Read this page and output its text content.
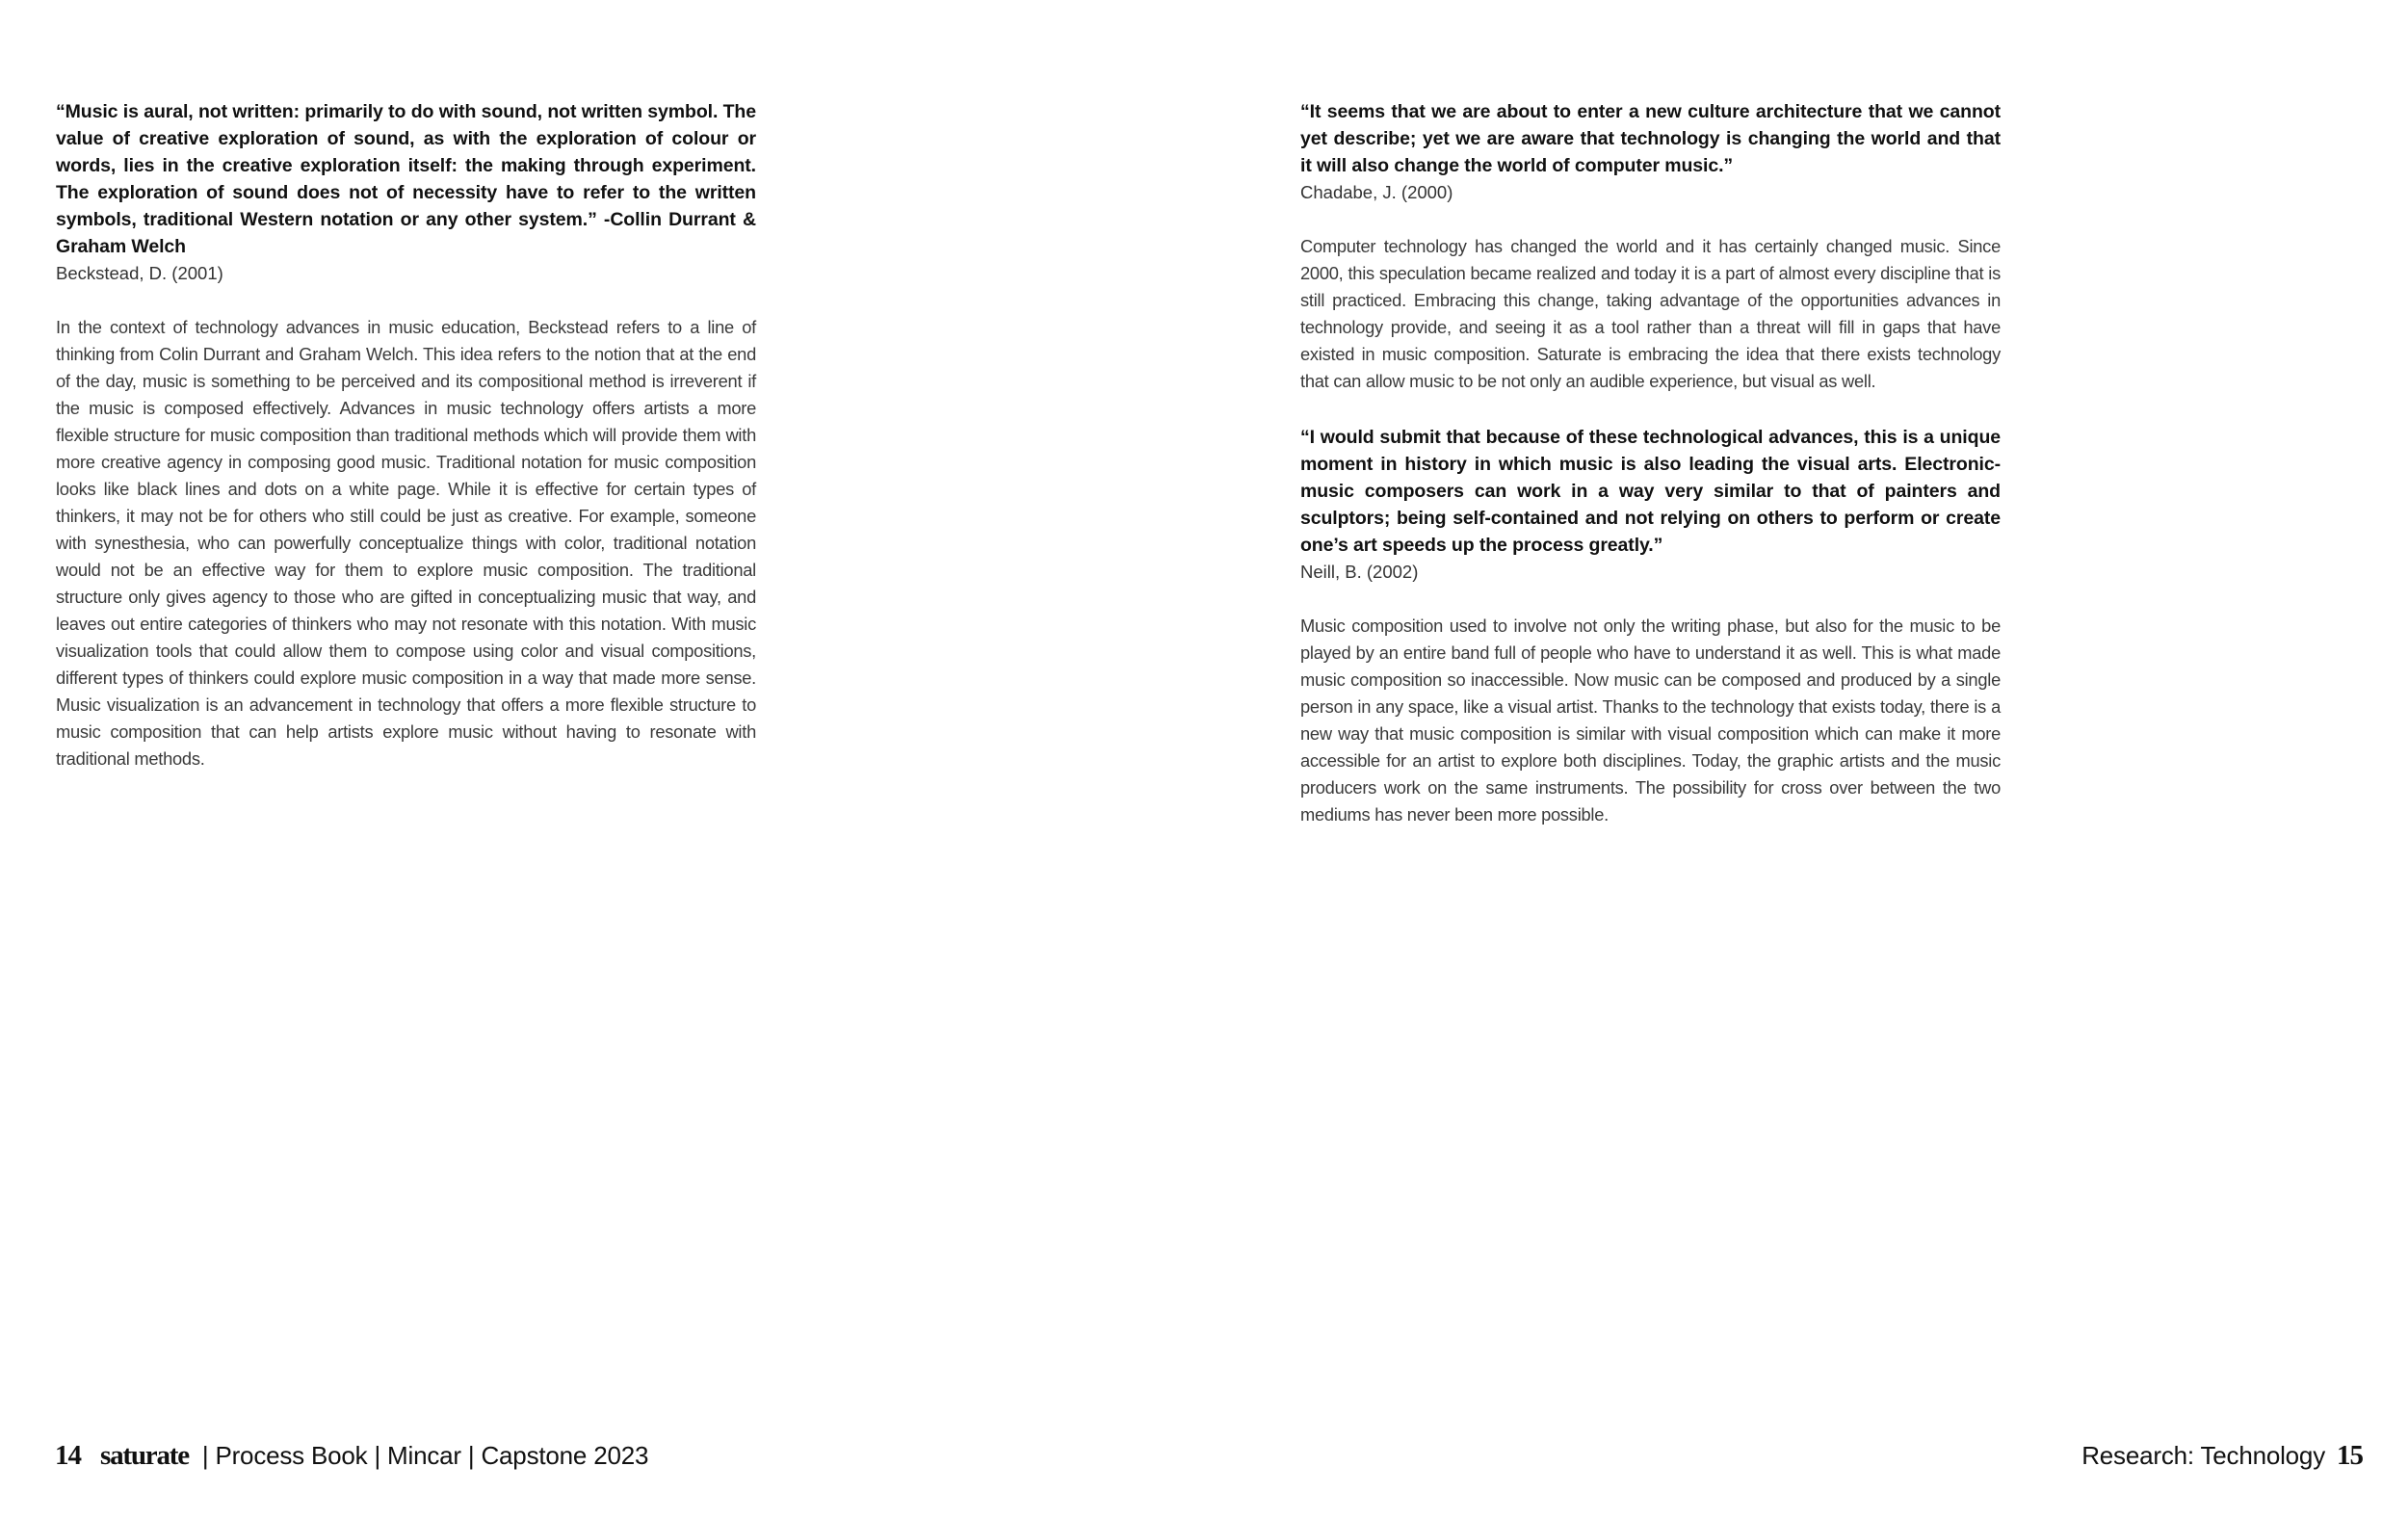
“Music is aural, not written: primarily to do with sound, not written symbol. The value of creative exploration of sound, as with the exploration of colour or words, lies in the creative exploration itself: the making through experiment. The exploration of sound does not of necessity have to refer to the written symbols, traditional Western notation or any other system.” -Collin Durrant & Graham Welch

Beckstead, D. (2001)

In the context of technology advances in music education, Beckstead refers to a line of thinking from Colin Durrant and Graham Welch. This idea refers to the notion that at the end of the day, music is something to be perceived and its compositional method is irreverent if the music is composed effectively. Advances in music technology offers artists a more flexible structure for music composition than traditional methods which will provide them with more creative agency in composing good music. Traditional notation for music composition looks like black lines and dots on a white page. While it is effective for certain types of thinkers, it may not be for others who still could be just as creative. For example, someone with synesthesia, who can powerfully conceptualize things with color, traditional notation would not be an effective way for them to explore music composition. The traditional structure only gives agency to those who are gifted in conceptualizing music that way, and leaves out entire categories of thinkers who may not resonate with this notation. With music visualization tools that could allow them to compose using color and visual compositions, different types of thinkers could explore music composition in a way that made more sense. Music visualization is an advancement in technology that offers a more flexible structure to music composition that can help artists explore music without having to resonate with traditional methods.

14 saturate | Process Book | Mincar | Capstone 2023

“It seems that we are about to enter a new culture architecture that we cannot yet describe; yet we are aware that technology is changing the world and that it will also change the world of computer music.”

Chadabe, J. (2000)

Computer technology has changed the world and it has certainly changed music. Since 2000, this speculation became realized and today it is a part of almost every discipline that is still practiced. Embracing this change, taking advantage of the opportunities advances in technology provide, and seeing it as a tool rather than a threat will fill in gaps that have existed in music composition. Saturate is embracing the idea that there exists technology that can allow music to be not only an audible experience, but visual as well.

“I would submit that because of these technological advances, this is a unique moment in history in which music is also leading the visual arts. Electronic-music composers can work in a way very similar to that of painters and sculptors; being self-contained and not relying on others to perform or create one’s art speeds up the process greatly.”

Neill, B. (2002)

Music composition used to involve not only the writing phase, but also for the music to be played by an entire band full of people who have to understand it as well. This is what made music composition so inaccessible. Now music can be composed and produced by a single person in any space, like a visual artist. Thanks to the technology that exists today, there is a new way that music composition is similar with visual composition which can make it more accessible for an artist to explore both disciplines. Today, the graphic artists and the music producers work on the same instruments. The possibility for cross over between the two mediums has never been more possible.

Research: Technology 15
